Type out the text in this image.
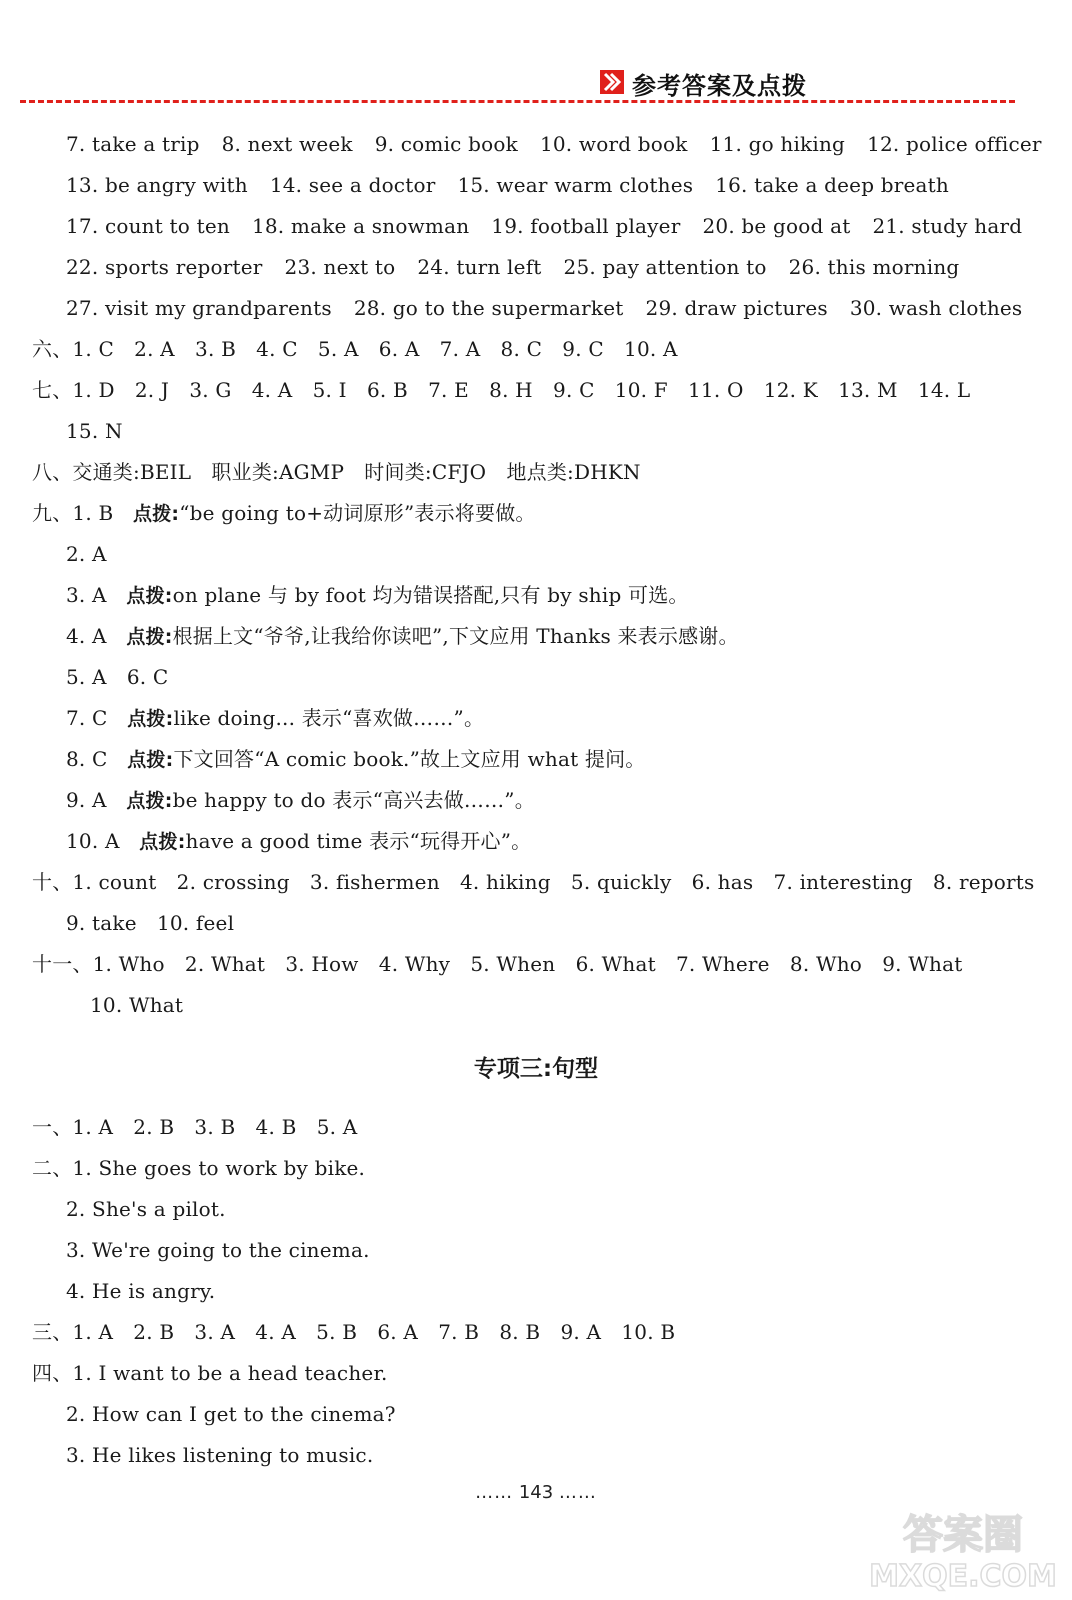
参考答案及点拨
7. take a trip 8. next week 9. comic book 10. word book 11. go hiking 12. police officer
13. be angry with 14. see a doctor 15. wear warm clothes 16. take a deep breath
17. count to ten 18. make a snowman 19. football player 20. be good at 21. study hard
22. sports reporter 23. next to 24. turn left 25. pay attention to 26. this morning
27. visit my grandparents 28. go to the supermarket 29. draw pictures 30. wash clothes
六、1. C　2. A　3. B　4. C　5. A　6. A　7. A　8. C　9. C　10. A
七、1. D　2. J　3. G　4. A　5. I　6. B　7. E　8. H　9. C　10. F　11. O　12. K　13. M　14. L
15. N
八、交通类:BEIL　职业类:AGMP　时间类:CFJO　地点类:DHKN
九、1. B 点拨:“be going to+动词原形”表示将要做。
2. A
3. A 点拨:on plane 与 by foot 均为错误搭配,只有 by ship 可选。
4. A 点拨:根据上文“爷爷,让我给你读吧”,下文应用 Thanks 来表示感谢。
5. A　6. C
7. C 点拨:like doing... 表示“喜欢做……”。
8. C 点拨:下文回答“A comic book.”故上文应用 what 提问。
9. A 点拨:be happy to do 表示“高兴去做……”。
10. A 点拨:have a good time 表示“玩得开心”。
十、1. count　2. crossing　3. fishermen　4. hiking　5. quickly　6. has　7. interesting　8. reports
9. take　10. feel
十一、1. Who　2. What　3. How　4. Why　5. When　6. What　7. Where　8. Who　9. What
10. What
专项三:句型
一、1. A　2. B　3. B　4. B　5. A
二、1. She goes to work by bike.
2. She's a pilot.
3. We're going to the cinema.
4. He is angry.
三、1. A　2. B　3. A　4. A　5. B　6. A　7. B　8. B　9. A　10. B
四、1. I want to be a head teacher.
2. How can I get to the cinema?
3. He likes listening to music.
…… 143 ……
答案圈
MXQE.COM
